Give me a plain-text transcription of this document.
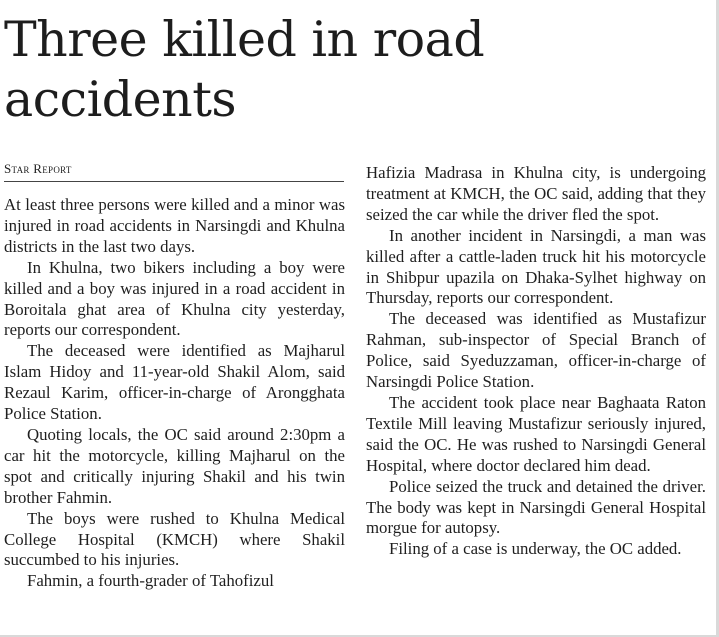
Three killed in road accidents
Star Report

At least three persons were killed and a minor was injured in road accidents in Narsingdi and Khulna districts in the last two days.

In Khulna, two bikers including a boy were killed and a boy was injured in a road accident in Boroitala ghat area of Khulna city yesterday, reports our correspondent.

The deceased were identified as Majharul Islam Hidoy and 11-year-old Shakil Alom, said Rezaul Karim, officer-in-charge of Arongghata Police Station.

Quoting locals, the OC said around 2:30pm a car hit the motorcycle, killing Majharul on the spot and critically injuring Shakil and his twin brother Fahmin.

The boys were rushed to Khulna Medical College Hospital (KMCH) where Shakil succumbed to his injuries.

Fahmin, a fourth-grader of Tahofizul

Hafizia Madrasa in Khulna city, is undergoing treatment at KMCH, the OC said, adding that they seized the car while the driver fled the spot.

In another incident in Narsingdi, a man was killed after a cattle-laden truck hit his motorcycle in Shibpur upazila on Dhaka-Sylhet highway on Thursday, reports our correspondent.

The deceased was identified as Mustafizur Rahman, sub-inspector of Special Branch of Police, said Syeduzzaman, officer-in-charge of Narsingdi Police Station.

The accident took place near Baghaata Raton Textile Mill leaving Mustafizur seriously injured, said the OC. He was rushed to Narsingdi General Hospital, where doctor declared him dead.

Police seized the truck and detained the driver. The body was kept in Narsingdi General Hospital morgue for autopsy.

Filing of a case is underway, the OC added.
